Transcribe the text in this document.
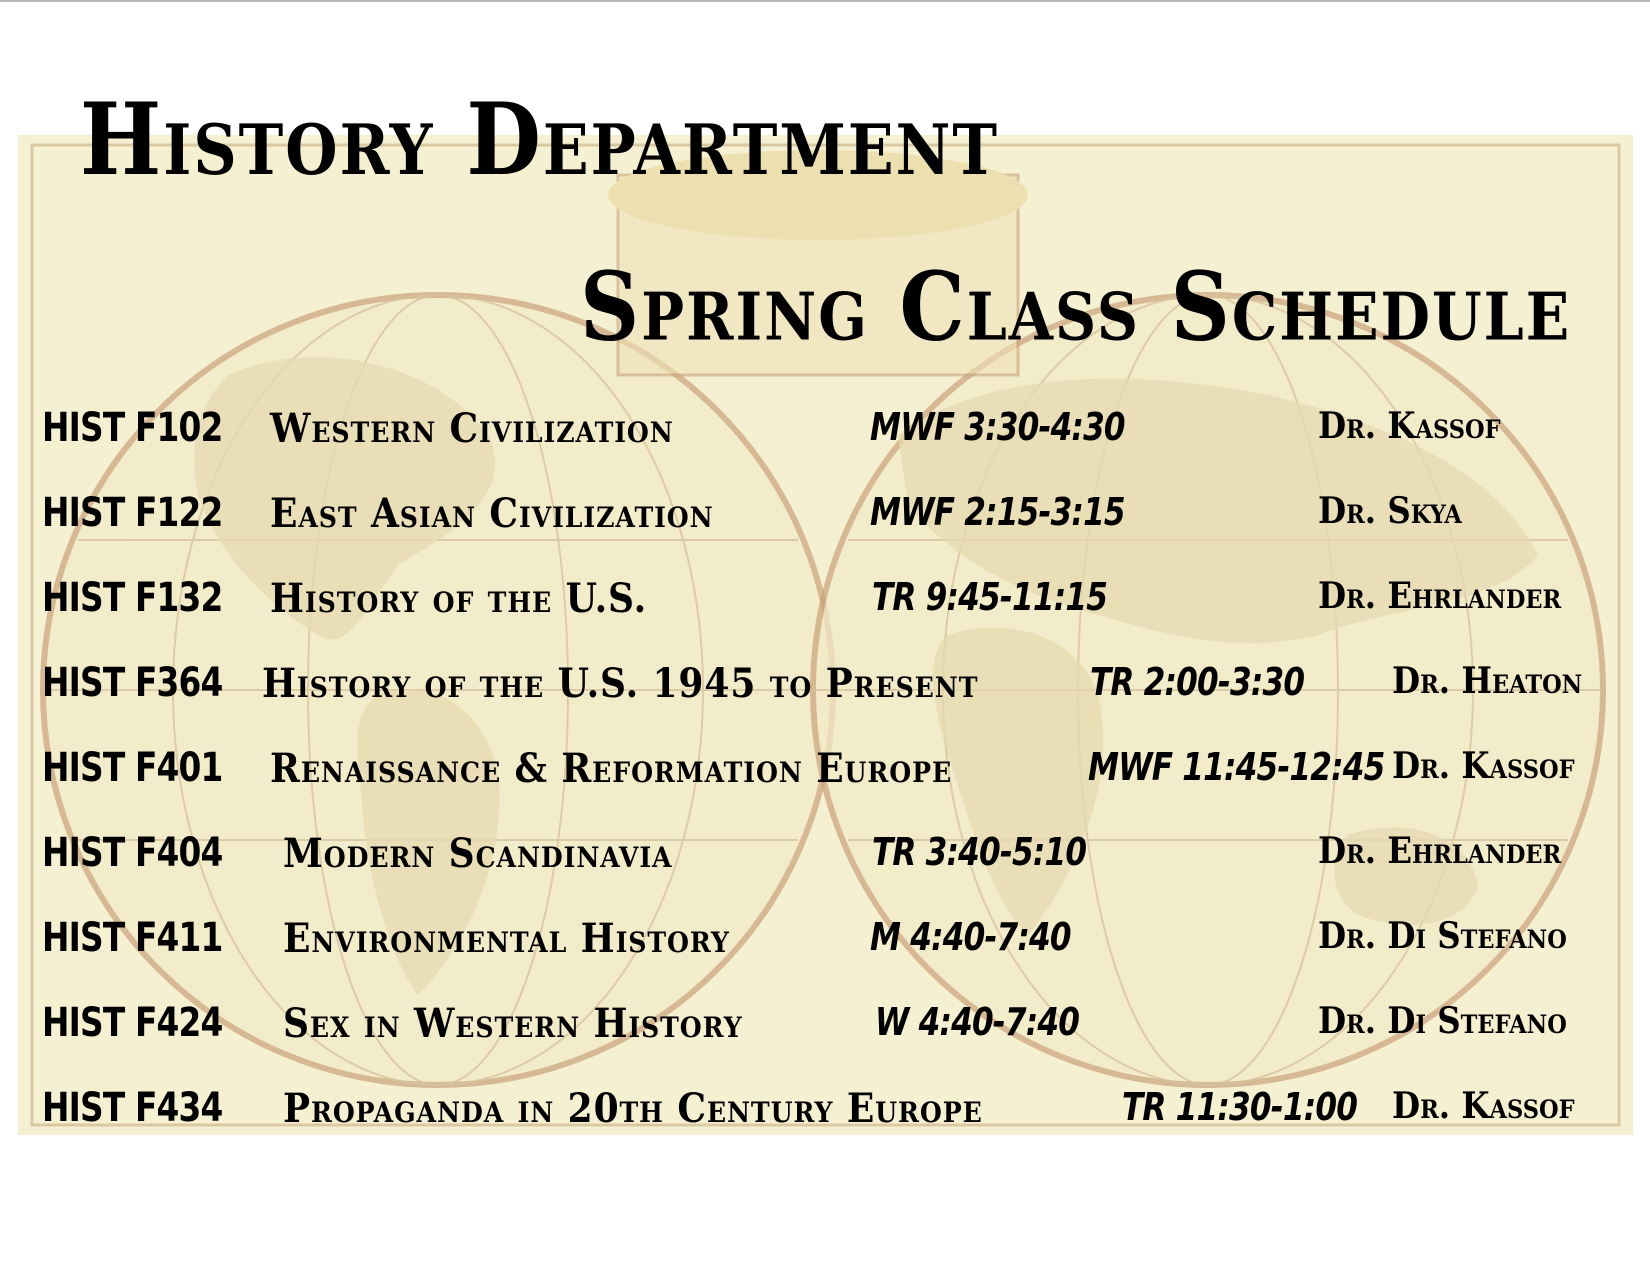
History Department
Spring Class Schedule
HIST F102 Western Civilization	MWF 3:30-4:30	Dr. Kassof
HIST F122 East Asian Civilization	MWF 2:15-3:15	Dr. Skya
HIST F132 History of the U.S.	TR 9:45-11:15	Dr. Ehrlander
HIST F364 History of the U.S. 1945 to Present	TR 2:00-3:30 Dr. Heaton
HIST F401 Renaissance & Reformation Europe	MWF 11:45-12:45 Dr. Kassof
HIST F404 Modern Scandinavia	TR 3:40-5:10	Dr. Ehrlander
HIST F411 Environmental History	M 4:40-7:40	Dr. Di Stefano
HIST F424 Sex in Western History	W 4:40-7:40	Dr. Di Stefano
HIST F434 Propaganda in 20th Century Europe	TR 11:30-1:00 Dr. Kassof
